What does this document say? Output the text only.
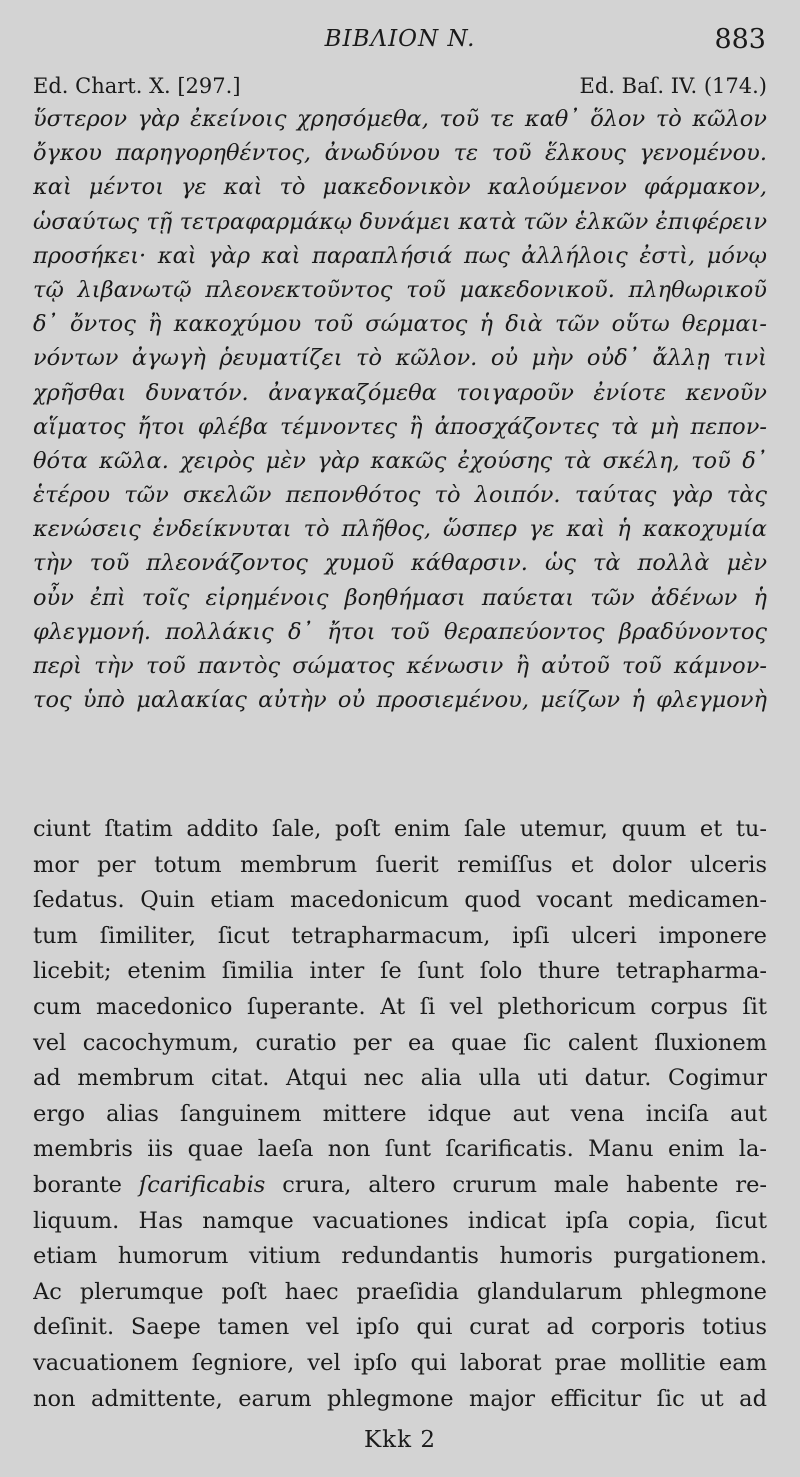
BIBΛION N.	883
Ed. Chart. X. [297.]	Ed. Baſ. IV. (174.)
ὕστερον γὰρ ἐκείνοις χρησόμεθα, τοῦ τε καθ᾽ ὅλον τὸ κῶλον
ὄγκου παρηγορηθέντος, ἀνωδύνου τε τοῦ ἕλκους γενομένου.
καὶ μέντοι γε καὶ τὸ μακεδονικὸν καλούμενον φάρμακον,
ὡσαύτως τῇ τετραφαρμάκῳ δυνάμει κατὰ τῶν ἑλκῶν ἐπιφέρειν
προσήκει· καὶ γὰρ καὶ παραπλήσιά πως ἀλλήλοις ἐστὶ, μόνῳ
τῷ λιβανωτῷ πλεονεκτοῦντος τοῦ μακεδονικοῦ. πληθωρικοῦ
δ᾽ ὄντος ἢ κακοχύμου τοῦ σώματος ἡ διὰ τῶν οὕτω θερμαι-
νόντων ἀγωγὴ ῥευματίζει τὸ κῶλον. οὐ μὴν οὐδ᾽ ἄλλῃ τινὶ
χρῆσθαι δυνατόν. ἀναγκαζόμεθα τοιγαροῦν ἐνίοτε κενοῦν
αἵματος ἤτοι φλέβα τέμνοντες ἢ ἀποσχάζοντες τὰ μὴ πεπον-
θότα κῶλα. χειρὸς μὲν γὰρ κακῶς ἐχούσης τὰ σκέλη, τοῦ δ᾽
ἑτέρου τῶν σκελῶν πεπονθότος τὸ λοιπόν. ταύτας γὰρ τὰς
κενώσεις ἐνδείκνυται τὸ πλῆθος, ὥσπερ γε καὶ ἡ κακοχυμία
τὴν τοῦ πλεονάζοντος χυμοῦ κάθαρσιν. ὡς τὰ πολλὰ μὲν
οὖν ἐπὶ τοῖς εἰρημένοις βοηθήμασι παύεται τῶν ἀδένων ἡ
φλεγμονή. πολλάκις δ᾽ ἤτοι τοῦ θεραπεύοντος βραδύνοντος
περὶ τὴν τοῦ παντὸς σώματος κένωσιν ἢ αὐτοῦ τοῦ κάμνον-
τος ὑπὸ μαλακίας αὐτὴν οὐ προσιεμένου, μείζων ἡ φλεγμονὴ
ciunt ſtatim addito ſale, poſt enim ſale utemur, quum et tu-
mor per totum membrum ſuerit remiſſus et dolor ulceris
ſedatus. Quin etiam macedonicum quod vocant medicamen-
tum ſimiliter, ſicut tetrapharmacum, ipſi ulceri imponere
licebit; etenim ſimilia inter ſe ſunt ſolo thure tetrapharma-
cum macedonico ſuperante. At ſi vel plethoricum corpus ſit
vel cacochymum, curatio per ea quae ſic calent ſluxionem
ad membrum citat. Atqui nec alia ulla uti datur. Cogimur
ergo alias ſanguinem mittere idque aut vena inciſa aut
membris iis quae laeſa non ſunt ſcarificatis. Manu enim la-
borante ſcarificabis crura, altero crurum male habente re-
liquum. Has namque vacuationes indicat ipſa copia, ſicut
etiam humorum vitium redundantis humoris purgationem.
Ac plerumque poſt haec praeſidia glandularum phlegmone
deſinit. Saepe tamen vel ipſo qui curat ad corporis totius
vacuationem ſegniore, vel ipſo qui laborat prae mollitie eam
non admittente, earum phlegmone major efficitur ſic ut ad
Kkk 2
